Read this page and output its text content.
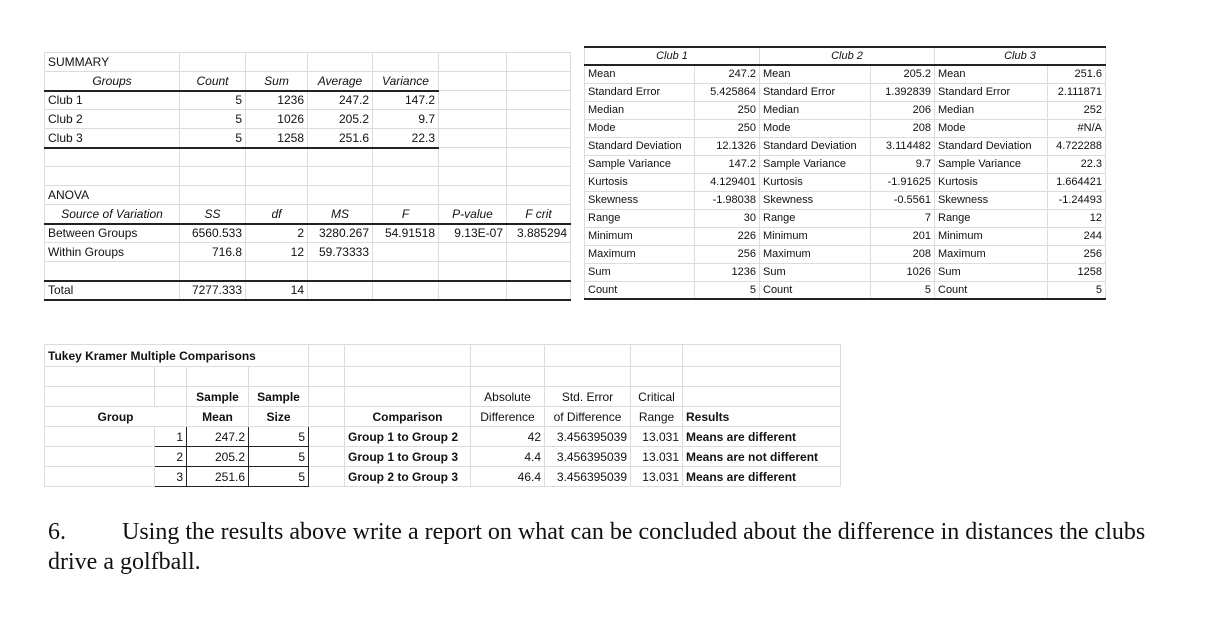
SUMMARY						
Groups	Count	Sum	Average	Variance		
Club 1	5	1236	247.2	147.2		
Club 2	5	1026	205.2	9.7		
Club 3	5	1258	251.6	22.3		

ANOVA						
Source of Variation	SS	df	MS	F	P-value	F crit
Between Groups	6560.533	2	3280.267	54.91518	9.13E-07	3.885294
Within Groups	716.8	12	59.73333			

Total	7277.333	14				
Club 1		Club 2		Club 3	
Mean	247.2	Mean	205.2	Mean	251.6
Standard Error	5.425864	Standard Error	1.392839	Standard Error	2.111871
Median	250	Median	206	Median	252
Mode	250	Mode	208	Mode	#N/A
Standard Deviation	12.1326	Standard Deviation	3.114482	Standard Deviation	4.722288
Sample Variance	147.2	Sample Variance	9.7	Sample Variance	22.3
Kurtosis	4.129401	Kurtosis	-1.91625	Kurtosis	1.664421
Skewness	-1.98038	Skewness	-0.5561	Skewness	-1.24493
Range	30	Range	7	Range	12
Minimum	226	Minimum	201	Minimum	244
Maximum	256	Maximum	208	Maximum	256
Sum	1236	Sum	1026	Sum	1258
Count	5	Count	5	Count	5
Tukey Kramer Multiple Comparisons									

		Sample	Sample			Absolute	Std. Error	Critical	
Group		Mean	Size		Comparison	Difference	of Difference	Range	Results
	1	247.2	5		Group 1 to Group 2	42	3.456395039	13.031	Means are different
	2	205.2	5		Group 1 to Group 3	4.4	3.456395039	13.031	Means are not different
	3	251.6	5		Group 2 to Group 3	46.4	3.456395039	13.031	Means are different
6. Using the results above write a report on what can be concluded about the difference in distances the clubs drive a golfball.
